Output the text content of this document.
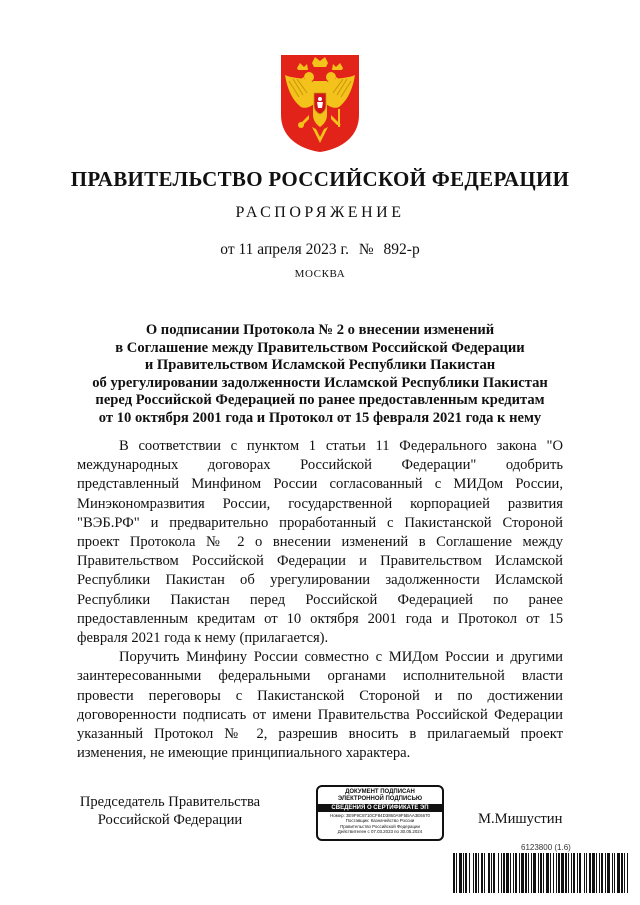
ПРАВИТЕЛЬСТВО РОССИЙСКОЙ ФЕДЕРАЦИИ
РАСПОРЯЖЕНИЕ
от 11 апреля 2023 г. № 892-р
МОСКВА
О подписании Протокола № 2 о внесении изменений
в Соглашение между Правительством Российской Федерации
и Правительством Исламской Республики Пакистан
об урегулировании задолженности Исламской Республики Пакистан
перед Российской Федерацией по ранее предоставленным кредитам
от 10 октября 2001 года и Протокол от 15 февраля 2021 года к нему

В соответствии с пунктом 1 статьи 11 Федерального закона "О международных договорах Российской Федерации" одобрить представленный Минфином России согласованный с МИДом России, Минэкономразвития России, государственной корпорацией развития "ВЭБ.РФ" и предварительно проработанный с Пакистанской Стороной проект Протокола № 2 о внесении изменений в Соглашение между Правительством Российской Федерации и Правительством Исламской Республики Пакистан об урегулировании задолженности Исламской Республики Пакистан перед Российской Федерацией по ранее предоставленным кредитам от 10 октября 2001 года и Протокол от 15 февраля 2021 года к нему (прилагается).

Поручить Минфину России совместно с МИДом России и другими заинтересованными федеральными органами исполнительной власти провести переговоры с Пакистанской Стороной и по достижении договоренности подписать от имени Правительства Российской Федерации указанный Протокол № 2, разрешив вносить в прилагаемый проект изменения, не имеющие принципиального характера.

Председатель Правительства
Российской Федерации
ДОКУМЕНТ ПОДПИСАН
ЭЛЕКТРОННОЙ ПОДПИСЬЮ
СВЕДЕНИЯ О СЕРТИФИКАТЕ ЭП
Номер: 3E9F9C8710CF84D3860A9F5BAA3E6670
Поставщик: Казначейство России
Правительство Российской Федерации
Действителен с 07.03.2023 по 30.05.2024
М.Мишустин
6123800 (1.6)
